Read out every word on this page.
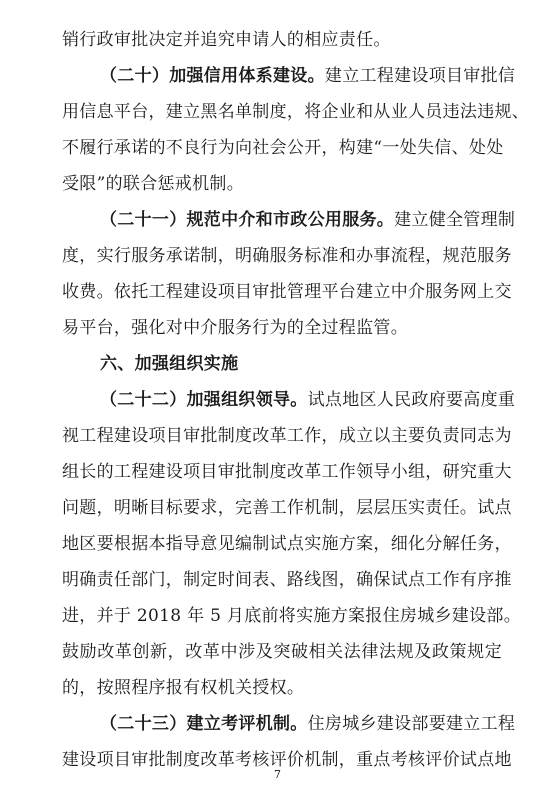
销行政审批决定并追究申请人的相应责任。
（二十）加强信用体系建设。建立工程建设项目审批信
用信息平台，建立黑名单制度，将企业和从业人员违法违规、
不履行承诺的不良行为向社会公开，构建“一处失信、处处
受限”的联合惩戒机制。
（二十一）规范中介和市政公用服务。建立健全管理制
度，实行服务承诺制，明确服务标准和办事流程，规范服务
收费。依托工程建设项目审批管理平台建立中介服务网上交
易平台，强化对中介服务行为的全过程监管。
六、加强组织实施
（二十二）加强组织领导。试点地区人民政府要高度重
视工程建设项目审批制度改革工作，成立以主要负责同志为
组长的工程建设项目审批制度改革工作领导小组，研究重大
问题，明晰目标要求，完善工作机制，层层压实责任。试点
地区要根据本指导意见编制试点实施方案，细化分解任务，
明确责任部门，制定时间表、路线图，确保试点工作有序推
进，并于 2018 年 5 月底前将实施方案报住房城乡建设部。
鼓励改革创新，改革中涉及突破相关法律法规及政策规定
的，按照程序报有权机关授权。
（二十三）建立考评机制。住房城乡建设部要建立工程
建设项目审批制度改革考核评价机制，重点考核评价试点地
7
